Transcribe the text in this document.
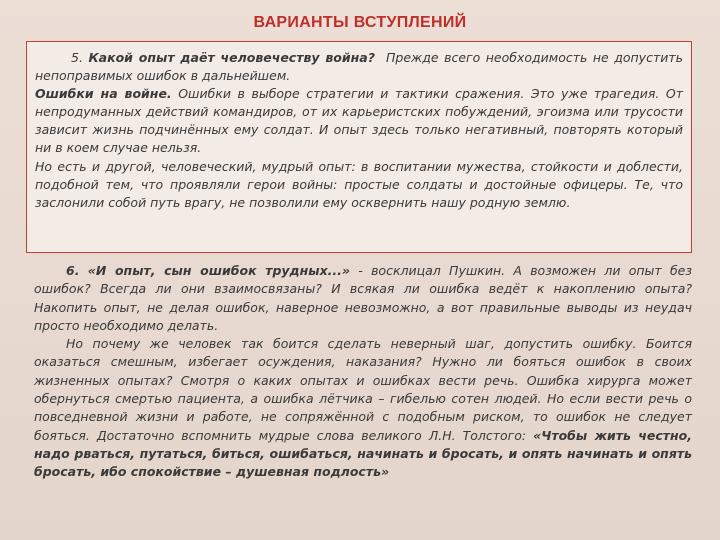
ВАРИАНТЫ ВСТУПЛЕНИЙ

5. Какой опыт даёт человечеству война? Прежде всего необходимость не допустить непоправимых ошибок в дальнейшем.

Ошибки на войне. Ошибки в выборе стратегии и тактики сражения. Это уже трагедия. От непродуманных действий командиров, от их карьеристских побуждений, эгоизма или трусости зависит жизнь подчинённых ему солдат. И опыт здесь только негативный, повторять который ни в коем случае нельзя.

Но есть и другой, человеческий, мудрый опыт: в воспитании мужества, стойкости и доблести, подобной тем, что проявляли герои войны: простые солдаты и достойные офицеры. Те, что заслонили собой путь врагу, не позволили ему осквернить нашу родную землю.

6. «И опыт, сын ошибок трудных...» - восклицал Пушкин. А возможен ли опыт без ошибок? Всегда ли они взаимосвязаны? И всякая ли ошибка ведёт к накоплению опыта? Накопить опыт, не делая ошибок, наверное невозможно, а вот правильные выводы из неудач просто необходимо делать.

Но почему же человек так боится сделать неверный шаг, допустить ошибку. Боится оказаться смешным, избегает осуждения, наказания? Нужно ли бояться ошибок в своих жизненных опытах? Смотря о каких опытах и ошибках вести речь. Ошибка хирурга может обернуться смертью пациента, а ошибка лётчика – гибелью сотен людей. Но если вести речь о повседневной жизни и работе, не сопряжённой с подобным риском, то ошибок не следует бояться. Достаточно вспомнить мудрые слова великого Л.Н. Толстого: «Чтобы жить честно, надо рваться, путаться, биться, ошибаться, начинать и бросать, и опять начинать и опять бросать, ибо спокойствие – душевная подлость»
